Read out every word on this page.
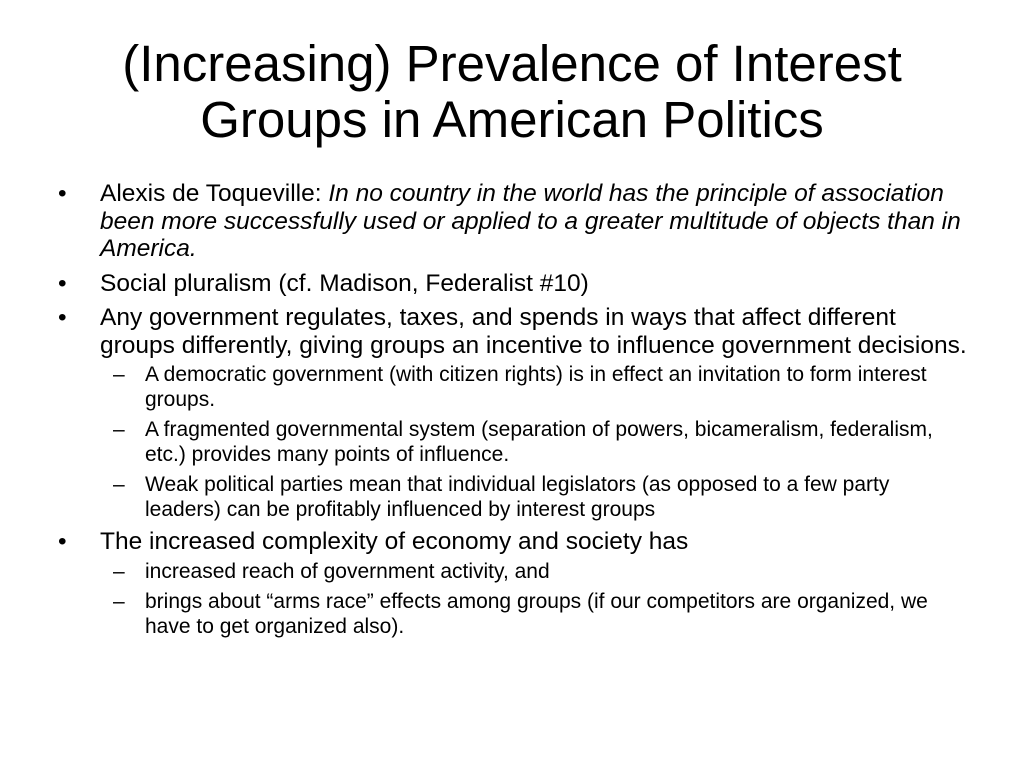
(Increasing) Prevalence of Interest Groups in American Politics
•	Alexis de Toqueville: In no country in the world has the principle of association been more successfully used or applied to a greater multitude of objects than in America.
•	Social pluralism (cf. Madison, Federalist #10)
•	Any government regulates, taxes, and spends in ways that affect different groups differently, giving groups an incentive to influence government decisions.
– A democratic government (with citizen rights) is in effect an invitation to form interest groups.
– A fragmented governmental system (separation of powers, bicameralism, federalism, etc.) provides many points of influence.
– Weak political parties mean that individual legislators (as opposed to a few party leaders) can be profitably influenced by interest groups
•	The increased complexity of economy and society has
– increased reach of government activity, and
– brings about “arms race” effects among groups (if our competitors are organized, we have to get organized also).
